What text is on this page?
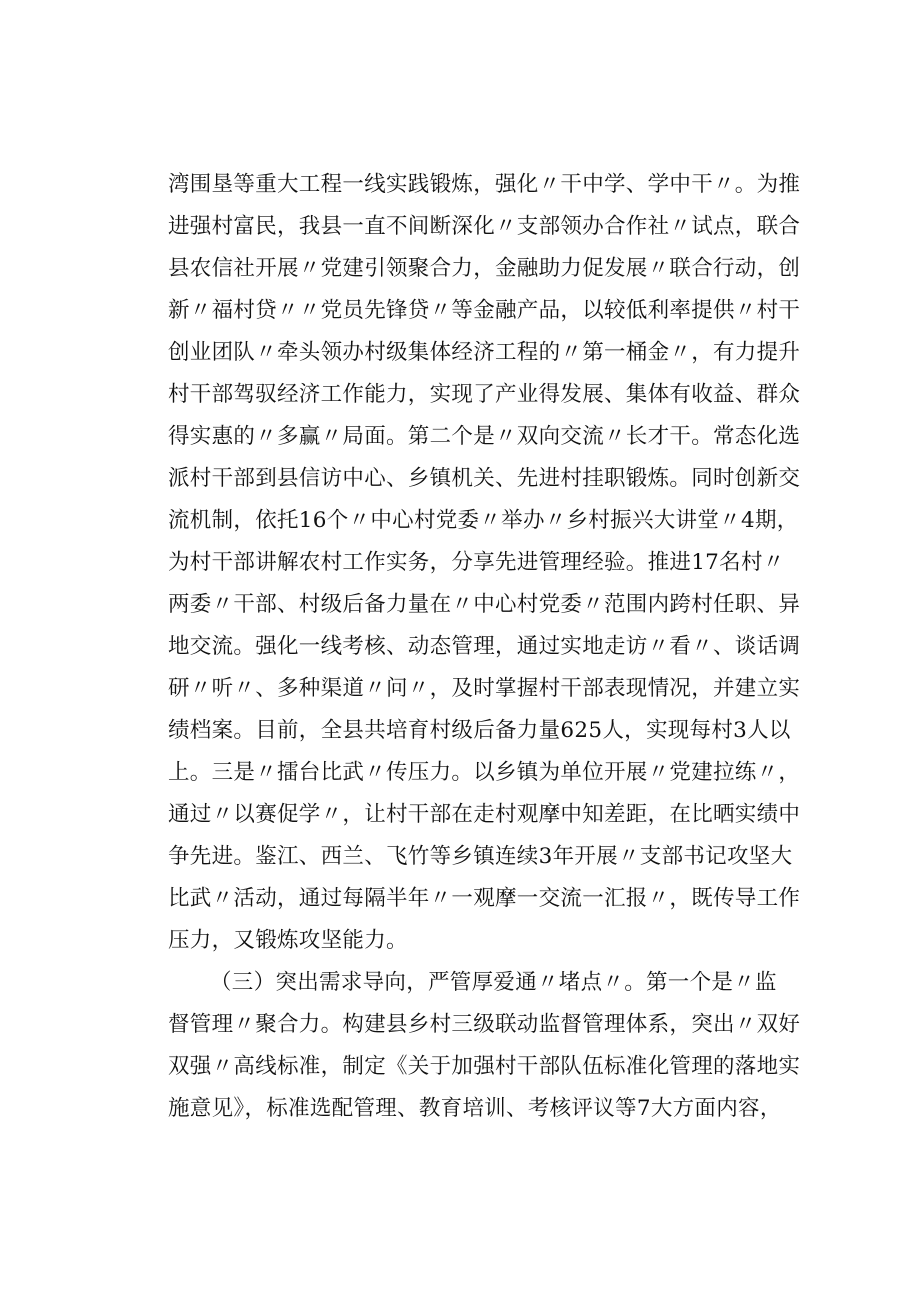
湾围垦等重大工程一线实践锻炼，强化〃干中学、学中干〃。为推
进强村富民，我县一直不间断深化〃支部领办合作社〃试点，联合
县农信社开展〃党建引领聚合力，金融助力促发展〃联合行动，创
新〃福村贷〃〃党员先锋贷〃等金融产品，以较低利率提供〃村干
创业团队〃牵头领办村级集体经济工程的〃第一桶金〃，有力提升
村干部驾驭经济工作能力，实现了产业得发展、集体有收益、群众
得实惠的〃多赢〃局面。第二个是〃双向交流〃长才干。常态化选
派村干部到县信访中心、乡镇机关、先进村挂职锻炼。同时创新交
流机制，依托16个〃中心村党委〃举办〃乡村振兴大讲堂〃4期，
为村干部讲解农村工作实务，分享先进管理经验。推进17名村〃
两委〃干部、村级后备力量在〃中心村党委〃范围内跨村任职、异
地交流。强化一线考核、动态管理，通过实地走访〃看〃、谈话调
研〃听〃、多种渠道〃问〃，及时掌握村干部表现情况，并建立实
绩档案。目前，全县共培育村级后备力量625人，实现每村3人以
上。三是〃擂台比武〃传压力。以乡镇为单位开展〃党建拉练〃，
通过〃以赛促学〃，让村干部在走村观摩中知差距，在比晒实绩中
争先进。鉴江、西兰、飞竹等乡镇连续3年开展〃支部书记攻坚大
比武〃活动，通过每隔半年〃一观摩一交流一汇报〃，既传导工作
压力，又锻炼攻坚能力。
（三）突出需求导向，严管厚爱通〃堵点〃。第一个是〃监
督管理〃聚合力。构建县乡村三级联动监督管理体系，突出〃双好
双强〃高线标准，制定《关于加强村干部队伍标准化管理的落地实
施意见》，标准选配管理、教育培训、考核评议等7大方面内容，
